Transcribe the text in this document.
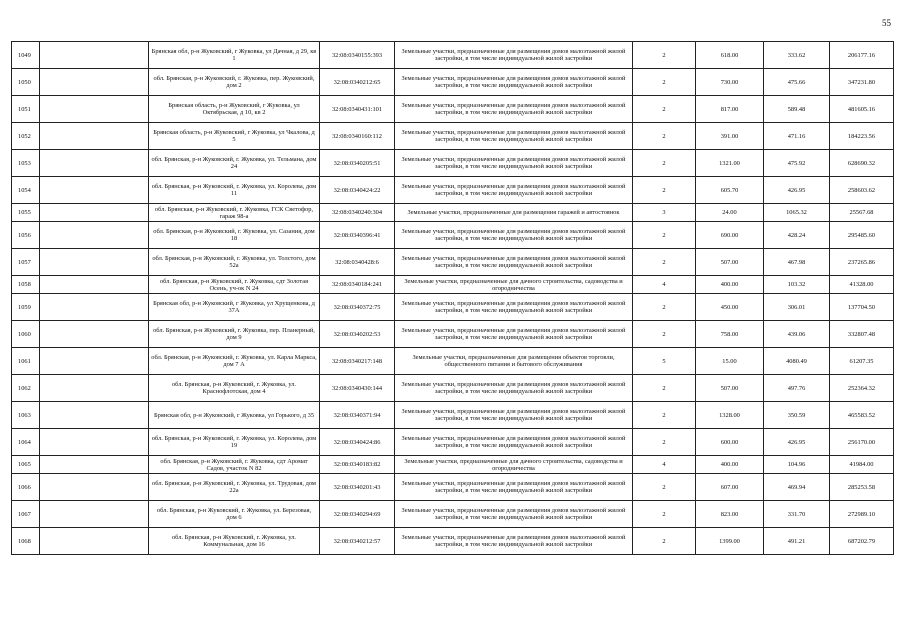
55
1049		Брянская обл, р-н Жуковский, г Жуковка, ул Дачная, д 29, кв 1	32:08:0340155:393	Земельные участки, предназначенные для размещения домов малоэтажной жилой застройки, в том числе индивидуальной жилой застройки	2	618.00	333.62	206177.16
1050		обл. Брянская, р-н Жуковский, г. Жуковка, пер. Жуковский, дом 2	32:08:0340212:65	Земельные участки, предназначенные для размещения домов малоэтажной жилой застройки, в том числе индивидуальной жилой застройки	2	730.00	475.66	347231.80
1051		Брянская область, р-н Жуковский, г Жуковка, ул Октябрьская, д 10, кв 2	32:08:0340431:101	Земельные участки, предназначенные для размещения домов малоэтажной жилой застройки, в том числе индивидуальной жилой застройки	2	817.00	589.48	481605.16
1052		Брянская область, р-н Жуковский, г Жуковка, ул Чкалова, д 5	32:08:0340160:112	Земельные участки, предназначенные для размещения домов малоэтажной жилой застройки, в том числе индивидуальной жилой застройки	2	391.00	471.16	184223.56
1053		обл. Брянская, р-н Жуковский, г. Жуковка, ул. Тельмана, дом 24	32:08:0340205:51	Земельные участки, предназначенные для размещения домов малоэтажной жилой застройки, в том числе индивидуальной жилой застройки	2	1321.00	475.92	628690.32
1054		обл. Брянская, р-н Жуковский, г. Жуковка, ул. Королева, дом 11	32:08:0340424:22	Земельные участки, предназначенные для размещения домов малоэтажной жилой застройки, в том числе индивидуальной жилой застройки	2	605.70	426.95	258603.62
1055		обл. Брянская, р-н Жуковский, г. Жуковка, ГСК Светофор, гараж 98-а	32:08:0340240:304	Земельные участки, предназначенные для размещения гаражей и автостоянок	3	24.00	1065.32	25567.68
1056		обл. Брянская, р-н Жуковский, г. Жуковка, ул. Сазания, дом 18	32:08:0340396:41	Земельные участки, предназначенные для размещения домов малоэтажной жилой застройки, в том числе индивидуальной жилой застройки	2	690.00	428.24	295485.60
1057		обл. Брянская, р-н Жуковский, г. Жуковка, ул. Толстого, дом 52а	32:08:0340428:6	Земельные участки, предназначенные для размещения домов малоэтажной жилой застройки, в том числе индивидуальной жилой застройки	2	507.00	467.98	237265.86
1058		обл. Брянская, р-н Жуковский, г. Жуковка, сдт Золотая Осень, уч-ок N 24	32:08:0340184:241	Земельные участки, предназначенные для дачного строительства, садоводства и огородничества	4	400.00	103.32	41328.00
1059		Брянская обл, р-н Жуковский, г Жуковка, ул Хрущенкова, д 37А	32:08:0340372:75	Земельные участки, предназначенные для размещения домов малоэтажной жилой застройки, в том числе индивидуальной жилой застройки	2	450.00	306.01	137704.50
1060		обл. Брянская, р-н Жуковский, г. Жуковка, пер. Планерный, дом 9	32:08:0340202:53	Земельные участки, предназначенные для размещения домов малоэтажной жилой застройки, в том числе индивидуальной жилой застройки	2	758.00	439.06	332807.48
1061		обл. Брянская, р-н Жуковский, г. Жуковка, ул. Карла Маркса, дом 7 А	32:08:0340217:148	Земельные участки, предназначенные для размещения объектов торговли, общественного питания и бытового обслуживания	5	15.00	4080.49	61207.35
1062		обл. Брянская, р-н Жуковский, г. Жуковка, ул. Краснофлотская, дом 4	32:08:0340430:144	Земельные участки, предназначенные для размещения домов малоэтажной жилой застройки, в том числе индивидуальной жилой застройки	2	507.00	497.76	252364.32
1063		Брянская обл, р-н Жуковский, г Жуковка, ул Горького, д 35	32:08:0340371:94	Земельные участки, предназначенные для размещения домов малоэтажной жилой застройки, в том числе индивидуальной жилой застройки	2	1328.00	350.59	465583.52
1064		обл. Брянская, р-н Жуковский, г. Жуковка, ул. Королева, дом 19	32:08:0340424:86	Земельные участки, предназначенные для размещения домов малоэтажной жилой застройки, в том числе индивидуальной жилой застройки	2	600.00	426.95	256170.00
1065		обл. Брянская, р-н Жуковский, г. Жуковка, сдт Аромат Садов, участок N 82	32:08:0340183:82	Земельные участки, предназначенные для дачного строительства, садоводства и огородничества	4	400.00	104.96	41984.00
1066		обл. Брянская, р-н Жуковский, г. Жуковка, ул. Трудовая, дом 22а	32:08:0340201:43	Земельные участки, предназначенные для размещения домов малоэтажной жилой застройки, в том числе индивидуальной жилой застройки	2	607.00	469.94	285253.58
1067		обл. Брянская, р-н Жуковский, г. Жуковка, ул. Березовая, дом 6	32:08:0340294:69	Земельные участки, предназначенные для размещения домов малоэтажной жилой застройки, в том числе индивидуальной жилой застройки	2	823.00	331.70	272989.10
1068		обл. Брянская, р-н Жуковский, г. Жуковка, ул. Коммунальная, дом 16	32:08:0340212:57	Земельные участки, предназначенные для размещения домов малоэтажной жилой застройки, в том числе индивидуальной жилой застройки	2	1399.00	491.21	687202.79
